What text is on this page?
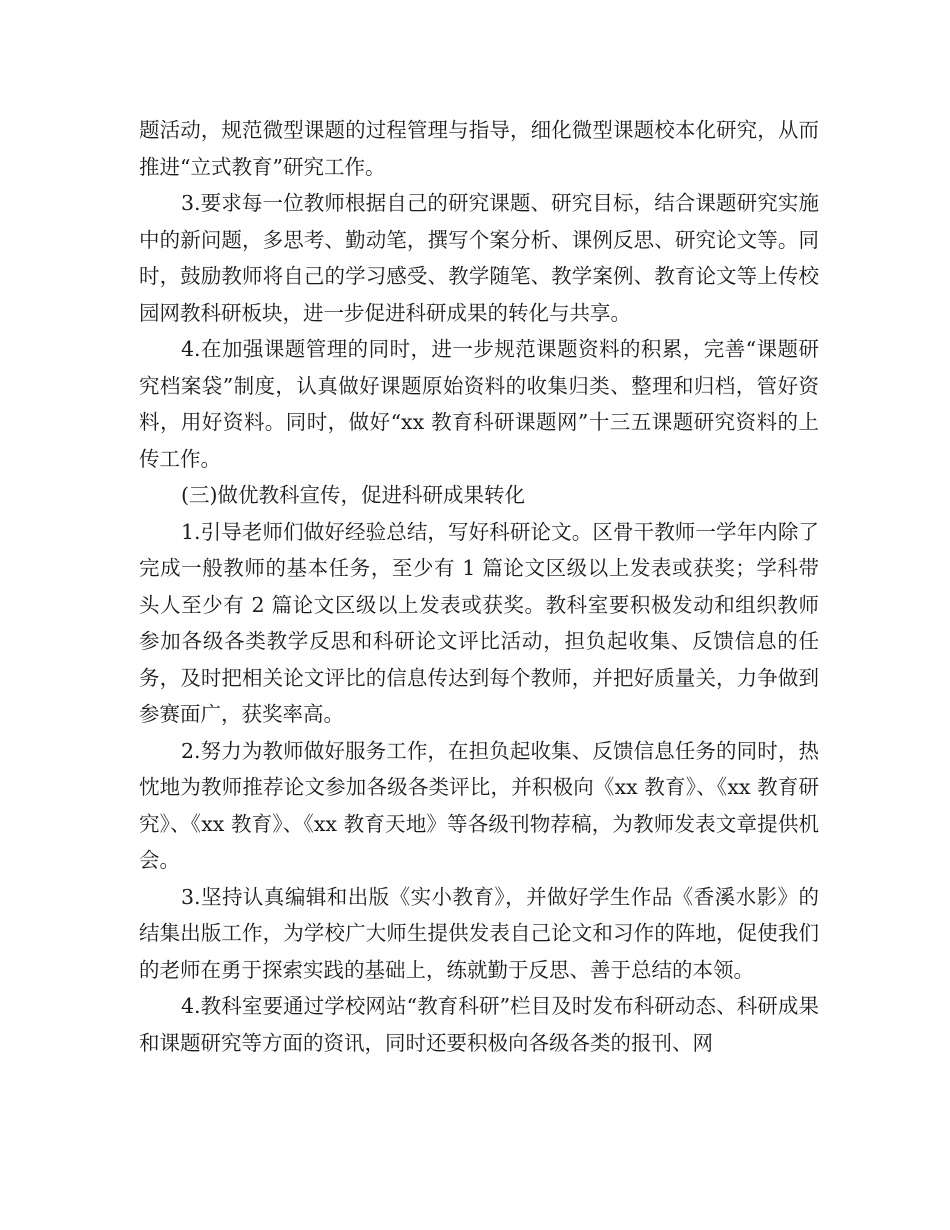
题活动，规范微型课题的过程管理与指导，细化微型课题校本化研究，从而推进“立式教育”研究工作。

3.要求每一位教师根据自己的研究课题、研究目标，结合课题研究实施中的新问题，多思考、勤动笔，撰写个案分析、课例反思、研究论文等。同时，鼓励教师将自己的学习感受、教学随笔、教学案例、教育论文等上传校园网教科研板块，进一步促进科研成果的转化与共享。

4.在加强课题管理的同时，进一步规范课题资料的积累，完善“课题研究档案袋”制度，认真做好课题原始资料的收集归类、整理和归档，管好资料，用好资料。同时，做好“xx 教育科研课题网”十三五课题研究资料的上传工作。

(三)做优教科宣传，促进科研成果转化

1.引导老师们做好经验总结，写好科研论文。区骨干教师一学年内除了完成一般教师的基本任务，至少有 1 篇论文区级以上发表或获奖；学科带头人至少有 2 篇论文区级以上发表或获奖。教科室要积极发动和组织教师参加各级各类教学反思和科研论文评比活动，担负起收集、反馈信息的任务，及时把相关论文评比的信息传达到每个教师，并把好质量关，力争做到参赛面广，获奖率高。

2.努力为教师做好服务工作，在担负起收集、反馈信息任务的同时，热忱地为教师推荐论文参加各级各类评比，并积极向《xx 教育》、《xx 教育研究》、《xx 教育》、《xx 教育天地》等各级刊物荐稿，为教师发表文章提供机会。

3.坚持认真编辑和出版《实小教育》，并做好学生作品《香溪水影》的结集出版工作，为学校广大师生提供发表自己论文和习作的阵地，促使我们的老师在勇于探索实践的基础上，练就勤于反思、善于总结的本领。

4.教科室要通过学校网站“教育科研”栏目及时发布科研动态、科研成果和课题研究等方面的资讯，同时还要积极向各级各类的报刊、网
